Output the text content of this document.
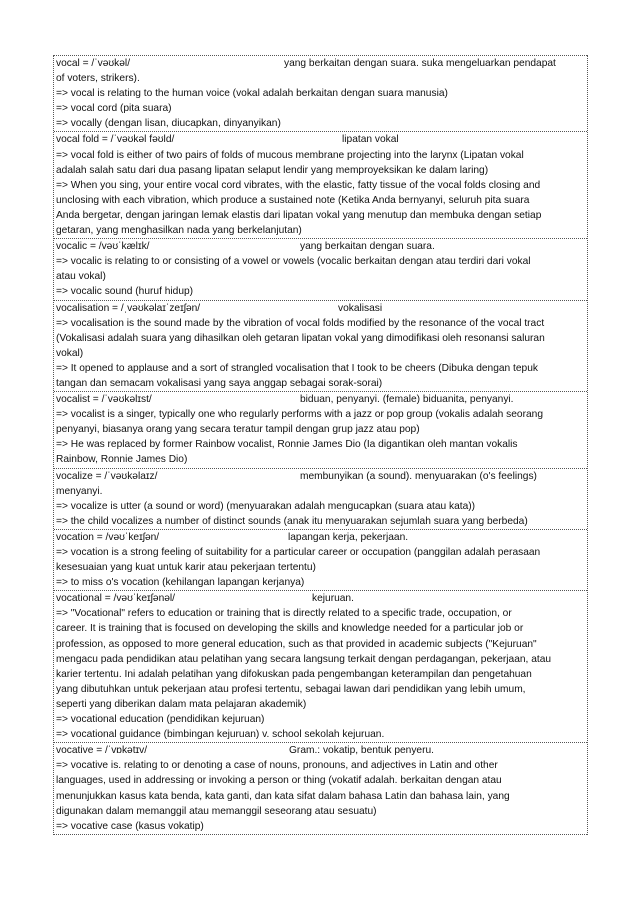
vocal = /ˈvəʊkəl/	yang berkaitan dengan suara. suka mengeluarkan pendapat
of voters, strikers).
=> vocal is relating to the human voice (vokal adalah berkaitan dengan suara manusia)
=> vocal cord (pita suara)
=> vocally (dengan lisan, diucapkan, dinyanyikan)
vocal fold = /ˈvəʊkəl fəʊld/	lipatan vokal
=> vocal fold is either of two pairs of folds of mucous membrane projecting into the larynx (Lipatan vokal
adalah salah satu dari dua pasang lipatan selaput lendir yang memproyeksikan ke dalam laring)
=> When you sing, your entire vocal cord vibrates, with the elastic, fatty tissue of the vocal folds closing and
unclosing with each vibration, which produce a sustained note (Ketika Anda bernyanyi, seluruh pita suara
Anda bergetar, dengan jaringan lemak elastis dari lipatan vokal yang menutup dan membuka dengan setiap
getaran, yang menghasilkan nada yang berkelanjutan)
vocalic = /vəʊˈkælɪk/	yang berkaitan dengan suara.
=> vocalic is relating to or consisting of a vowel or vowels (vocalic berkaitan dengan atau terdiri dari vokal
atau vokal)
=> vocalic sound (huruf hidup)
vocalisation = /ˌvəʊkəlaɪˈzeɪʃən/	vokalisasi
=> vocalisation is the sound made by the vibration of vocal folds modified by the resonance of the vocal tract
(Vokalisasi adalah suara yang dihasilkan oleh getaran lipatan vokal yang dimodifikasi oleh resonansi saluran
vokal)
=> It opened to applause and a sort of strangled vocalisation that I took to be cheers (Dibuka dengan tepuk
tangan dan semacam vokalisasi yang saya anggap sebagai sorak-sorai)
vocalist = /ˈvəʊkəlɪst/	biduan, penyanyi. (female) biduanita, penyanyi.
=> vocalist is a singer, typically one who regularly performs with a jazz or pop group (vokalis adalah seorang
penyanyi, biasanya orang yang secara teratur tampil dengan grup jazz atau pop)
=> He was replaced by former Rainbow vocalist, Ronnie James Dio (Ia digantikan oleh mantan vokalis
Rainbow, Ronnie James Dio)
vocalize = /ˈvəʊkəlaɪz/	membunyikan (a sound). menyuarakan (o's feelings)
menyanyi.
=> vocalize is utter (a sound or word) (menyuarakan adalah mengucapkan (suara atau kata))
=> the child vocalizes a number of distinct sounds (anak itu menyuarakan sejumlah suara yang berbeda)
vocation = /vəʊˈkeɪʃən/	lapangan kerja, pekerjaan.
=> vocation is a strong feeling of suitability for a particular career or occupation (panggilan adalah perasaan
kesesuaian yang kuat untuk karir atau pekerjaan tertentu)
=> to miss o's vocation (kehilangan lapangan kerjanya)
vocational = /vəʊˈkeɪʃənəl/	kejuruan.
=> "Vocational" refers to education or training that is directly related to a specific trade, occupation, or
career. It is training that is focused on developing the skills and knowledge needed for a particular job or
profession, as opposed to more general education, such as that provided in academic subjects ("Kejuruan"
mengacu pada pendidikan atau pelatihan yang secara langsung terkait dengan perdagangan, pekerjaan, atau
karier tertentu. Ini adalah pelatihan yang difokuskan pada pengembangan keterampilan dan pengetahuan
yang dibutuhkan untuk pekerjaan atau profesi tertentu, sebagai lawan dari pendidikan yang lebih umum,
seperti yang diberikan dalam mata pelajaran akademik)
=> vocational education (pendidikan kejuruan)
=> vocational guidance (bimbingan kejuruan) v. school sekolah kejuruan.
vocative = /ˈvɒkətɪv/	Gram.: vokatip, bentuk penyeru.
=> vocative is. relating to or denoting a case of nouns, pronouns, and adjectives in Latin and other
languages, used in addressing or invoking a person or thing (vokatif adalah. berkaitan dengan atau
menunjukkan kasus kata benda, kata ganti, dan kata sifat dalam bahasa Latin dan bahasa lain, yang
digunakan dalam memanggil atau memanggil seseorang atau sesuatu)
=> vocative case (kasus vokatip)
